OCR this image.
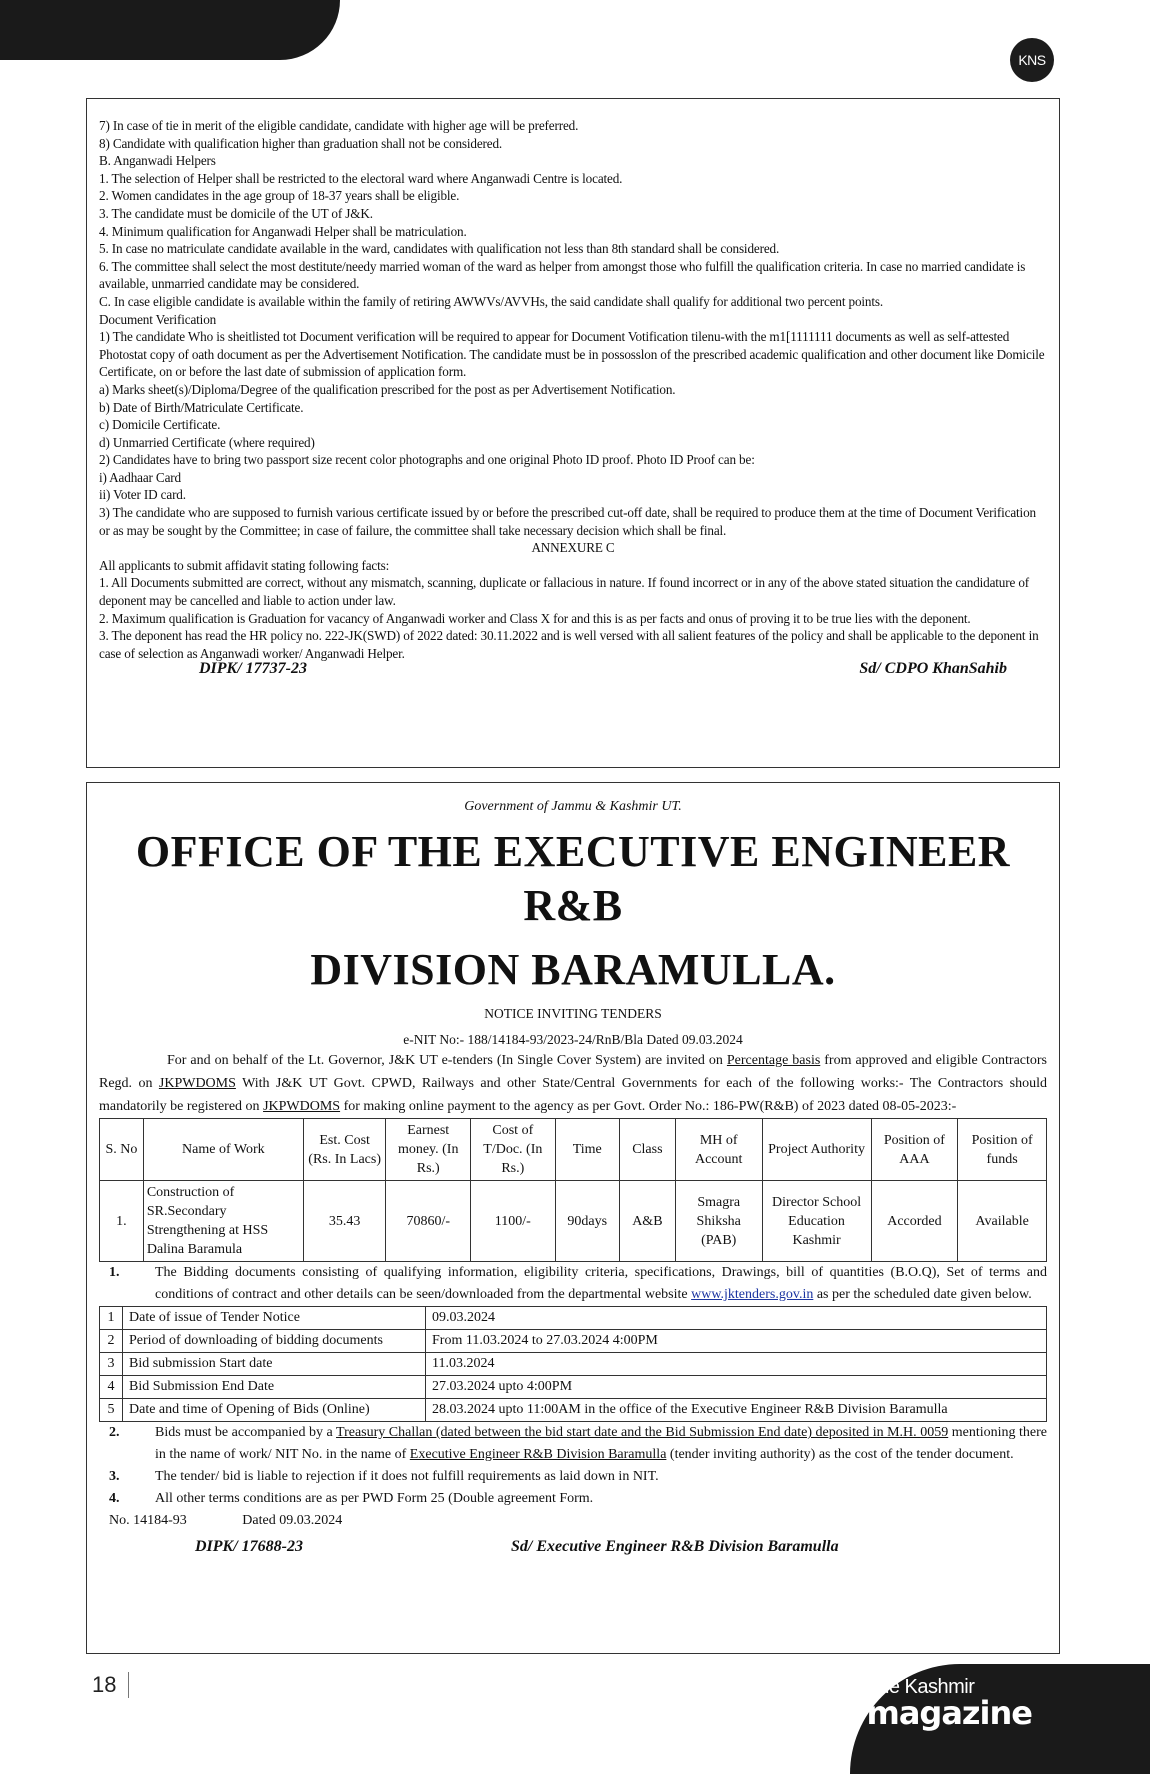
KNS
7) In case of tie in merit of the eligible candidate, candidate with higher age will be preferred.
8) Candidate with qualification higher than graduation shall not be considered.
B. Anganwadi Helpers
1. The selection of Helper shall be restricted to the electoral ward where Anganwadi Centre is located.
2. Women candidates in the age group of 18-37 years shall be eligible.
3. The candidate must be domicile of the UT of J&K.
4. Minimum qualification for Anganwadi Helper shall be matriculation.
5. In case no matriculate candidate available in the ward, candidates with qualification not less than 8th standard shall be considered.
6. The committee shall select the most destitute/needy married woman of the ward as helper from amongst those who fulfill the qualification criteria. In case no married candidate is available, unmarried candidate may be considered.
C. In case eligible candidate is available within the family of retiring AWWVs/AVVHs, the said candidate shall qualify for additional two percent points.
Document Verification
1) The candidate Who is sheitlisted tot Document verification will be required to appear for Document Votification tilenu-with the m1[1111111 documents as well as self-attested Photostat copy of oath document as per the Advertisement Notification. The candidate must be in possosslon of the prescribed academic qualification and other document like Domicile Certificate, on or before the last date of submission of application form.
a) Marks sheet(s)/Diploma/Degree of the qualification prescribed for the post as per Advertisement Notification.
b) Date of Birth/Matriculate Certificate.
c) Domicile Certificate.
d) Unmarried Certificate (where required)
2) Candidates have to bring two passport size recent color photographs and one original Photo ID proof. Photo ID Proof can be:
i) Aadhaar Card
ii) Voter ID card.
3) The candidate who are supposed to furnish various certificate issued by or before the prescribed cut-off date, shall be required to produce them at the time of Document Verification or as may be sought by the Committee; in case of failure, the committee shall take necessary decision which shall be final.
ANNEXURE C
All applicants to submit affidavit stating following facts:
1. All Documents submitted are correct, without any mismatch, scanning, duplicate or fallacious in nature. If found incorrect or in any of the above stated situation the candidature of deponent may be cancelled and liable to action under law.
2. Maximum qualification is Graduation for vacancy of Anganwadi worker and Class X for and this is as per facts and onus of proving it to be true lies with the deponent.
3. The deponent has read the HR policy no. 222-JK(SWD) of 2022 dated: 30.11.2022 and is well versed with all salient features of the policy and shall be applicable to the deponent in case of selection as Anganwadi worker/ Anganwadi Helper.
DIPK/ 17737-23	Sd/ CDPO KhanSahib
Government of Jammu & Kashmir UT.
OFFICE OF THE EXECUTIVE ENGINEER R&B
DIVISION BARAMULLA.
NOTICE INVITING TENDERS
e-NIT No:- 188/14184-93/2023-24/RnB/Bla Dated 09.03.2024
For and on behalf of the Lt. Governor, J&K UT e-tenders (In Single Cover System) are invited on Percentage basis from approved and eligible Contractors Regd. on JKPWDOMS With J&K UT Govt. CPWD, Railways and other State/Central Governments for each of the following works:- The Contractors should mandatorily be registered on JKPWDOMS for making online payment to the agency as per Govt. Order No.: 186-PW(R&B) of 2023 dated 08-05-2023:-
S. No	Name of Work	Est. Cost (Rs. In Lacs)	Earnest money. (In Rs.)	Cost of T/Doc. (In Rs.)	Time	Class	MH of Account	Project Authority	Position of AAA	Position of funds
1.	Construction of SR.Secondary Strengthening at HSS Dalina Baramula	35.43	70860/-	1100/-	90days	A&B	Smagra Shiksha (PAB)	Director School Education Kashmir	Accorded	Available
1.	The Bidding documents consisting of qualifying information, eligibility criteria, specifications, Drawings, bill of quantities (B.O.Q), Set of terms and conditions of contract and other details can be seen/downloaded from the departmental website www.jktenders.gov.in as per the scheduled date given below.
1	Date of issue of Tender Notice	09.03.2024
2	Period of downloading of bidding documents	From 11.03.2024 to 27.03.2024 4:00PM
3	Bid submission Start date	11.03.2024
4	Bid Submission End Date	27.03.2024 upto 4:00PM
5	Date and time of Opening of Bids (Online)	28.03.2024 upto 11:00AM in the office of the Executive Engineer R&B Division Baramulla
2.	Bids must be accompanied by a Treasury Challan (dated between the bid start date and the Bid Submission End date) deposited in M.H. 0059 mentioning there in the name of work/ NIT No. in the name of Executive Engineer R&B Division Baramulla (tender inviting authority) as the cost of the tender document.
3.	The tender/ bid is liable to rejection if it does not fulfill requirements as laid down in NIT.
4.	All other terms conditions are as per PWD Form 25 (Double agreement Form.
No. 14184-93	Dated 09.03.2024
DIPK/ 17688-23	Sd/ Executive Engineer R&B Division Baramulla
18	The Kashmir
magazine
